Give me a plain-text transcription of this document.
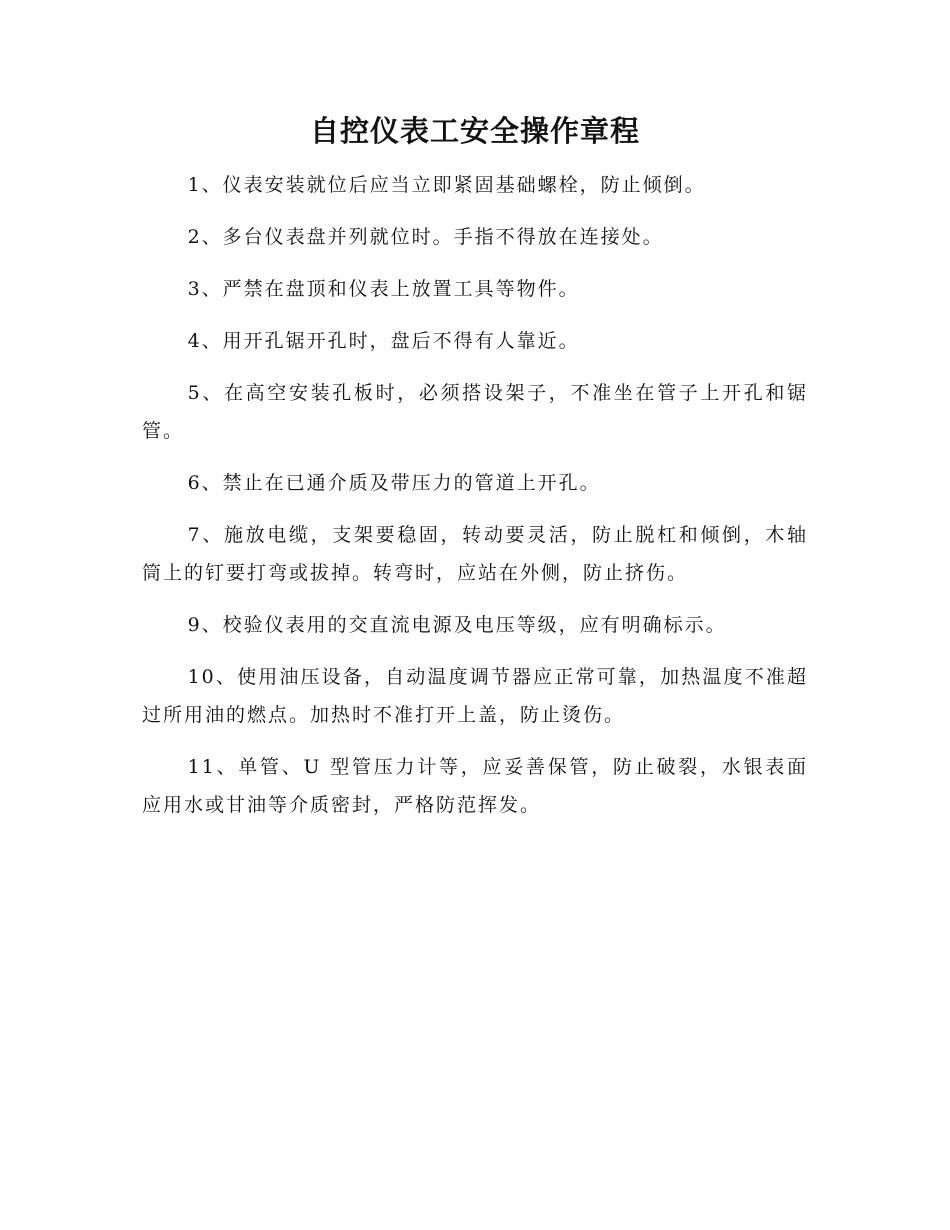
自控仪表工安全操作章程

1、仪表安装就位后应当立即紧固基础螺栓，防止倾倒。

2、多台仪表盘并列就位时。手指不得放在连接处。

3、严禁在盘顶和仪表上放置工具等物件。

4、用开孔锯开孔时，盘后不得有人靠近。

5、在高空安装孔板时，必须搭设架子，不准坐在管子上开孔和锯管。

6、禁止在已通介质及带压力的管道上开孔。

7、施放电缆，支架要稳固，转动要灵活，防止脱杠和倾倒，木轴筒上的钉要打弯或拔掉。转弯时，应站在外侧，防止挤伤。

9、校验仪表用的交直流电源及电压等级，应有明确标示。

10、使用油压设备，自动温度调节器应正常可靠，加热温度不准超过所用油的燃点。加热时不准打开上盖，防止烫伤。

11、单管、U 型管压力计等，应妥善保管，防止破裂，水银表面应用水或甘油等介质密封，严格防范挥发。
